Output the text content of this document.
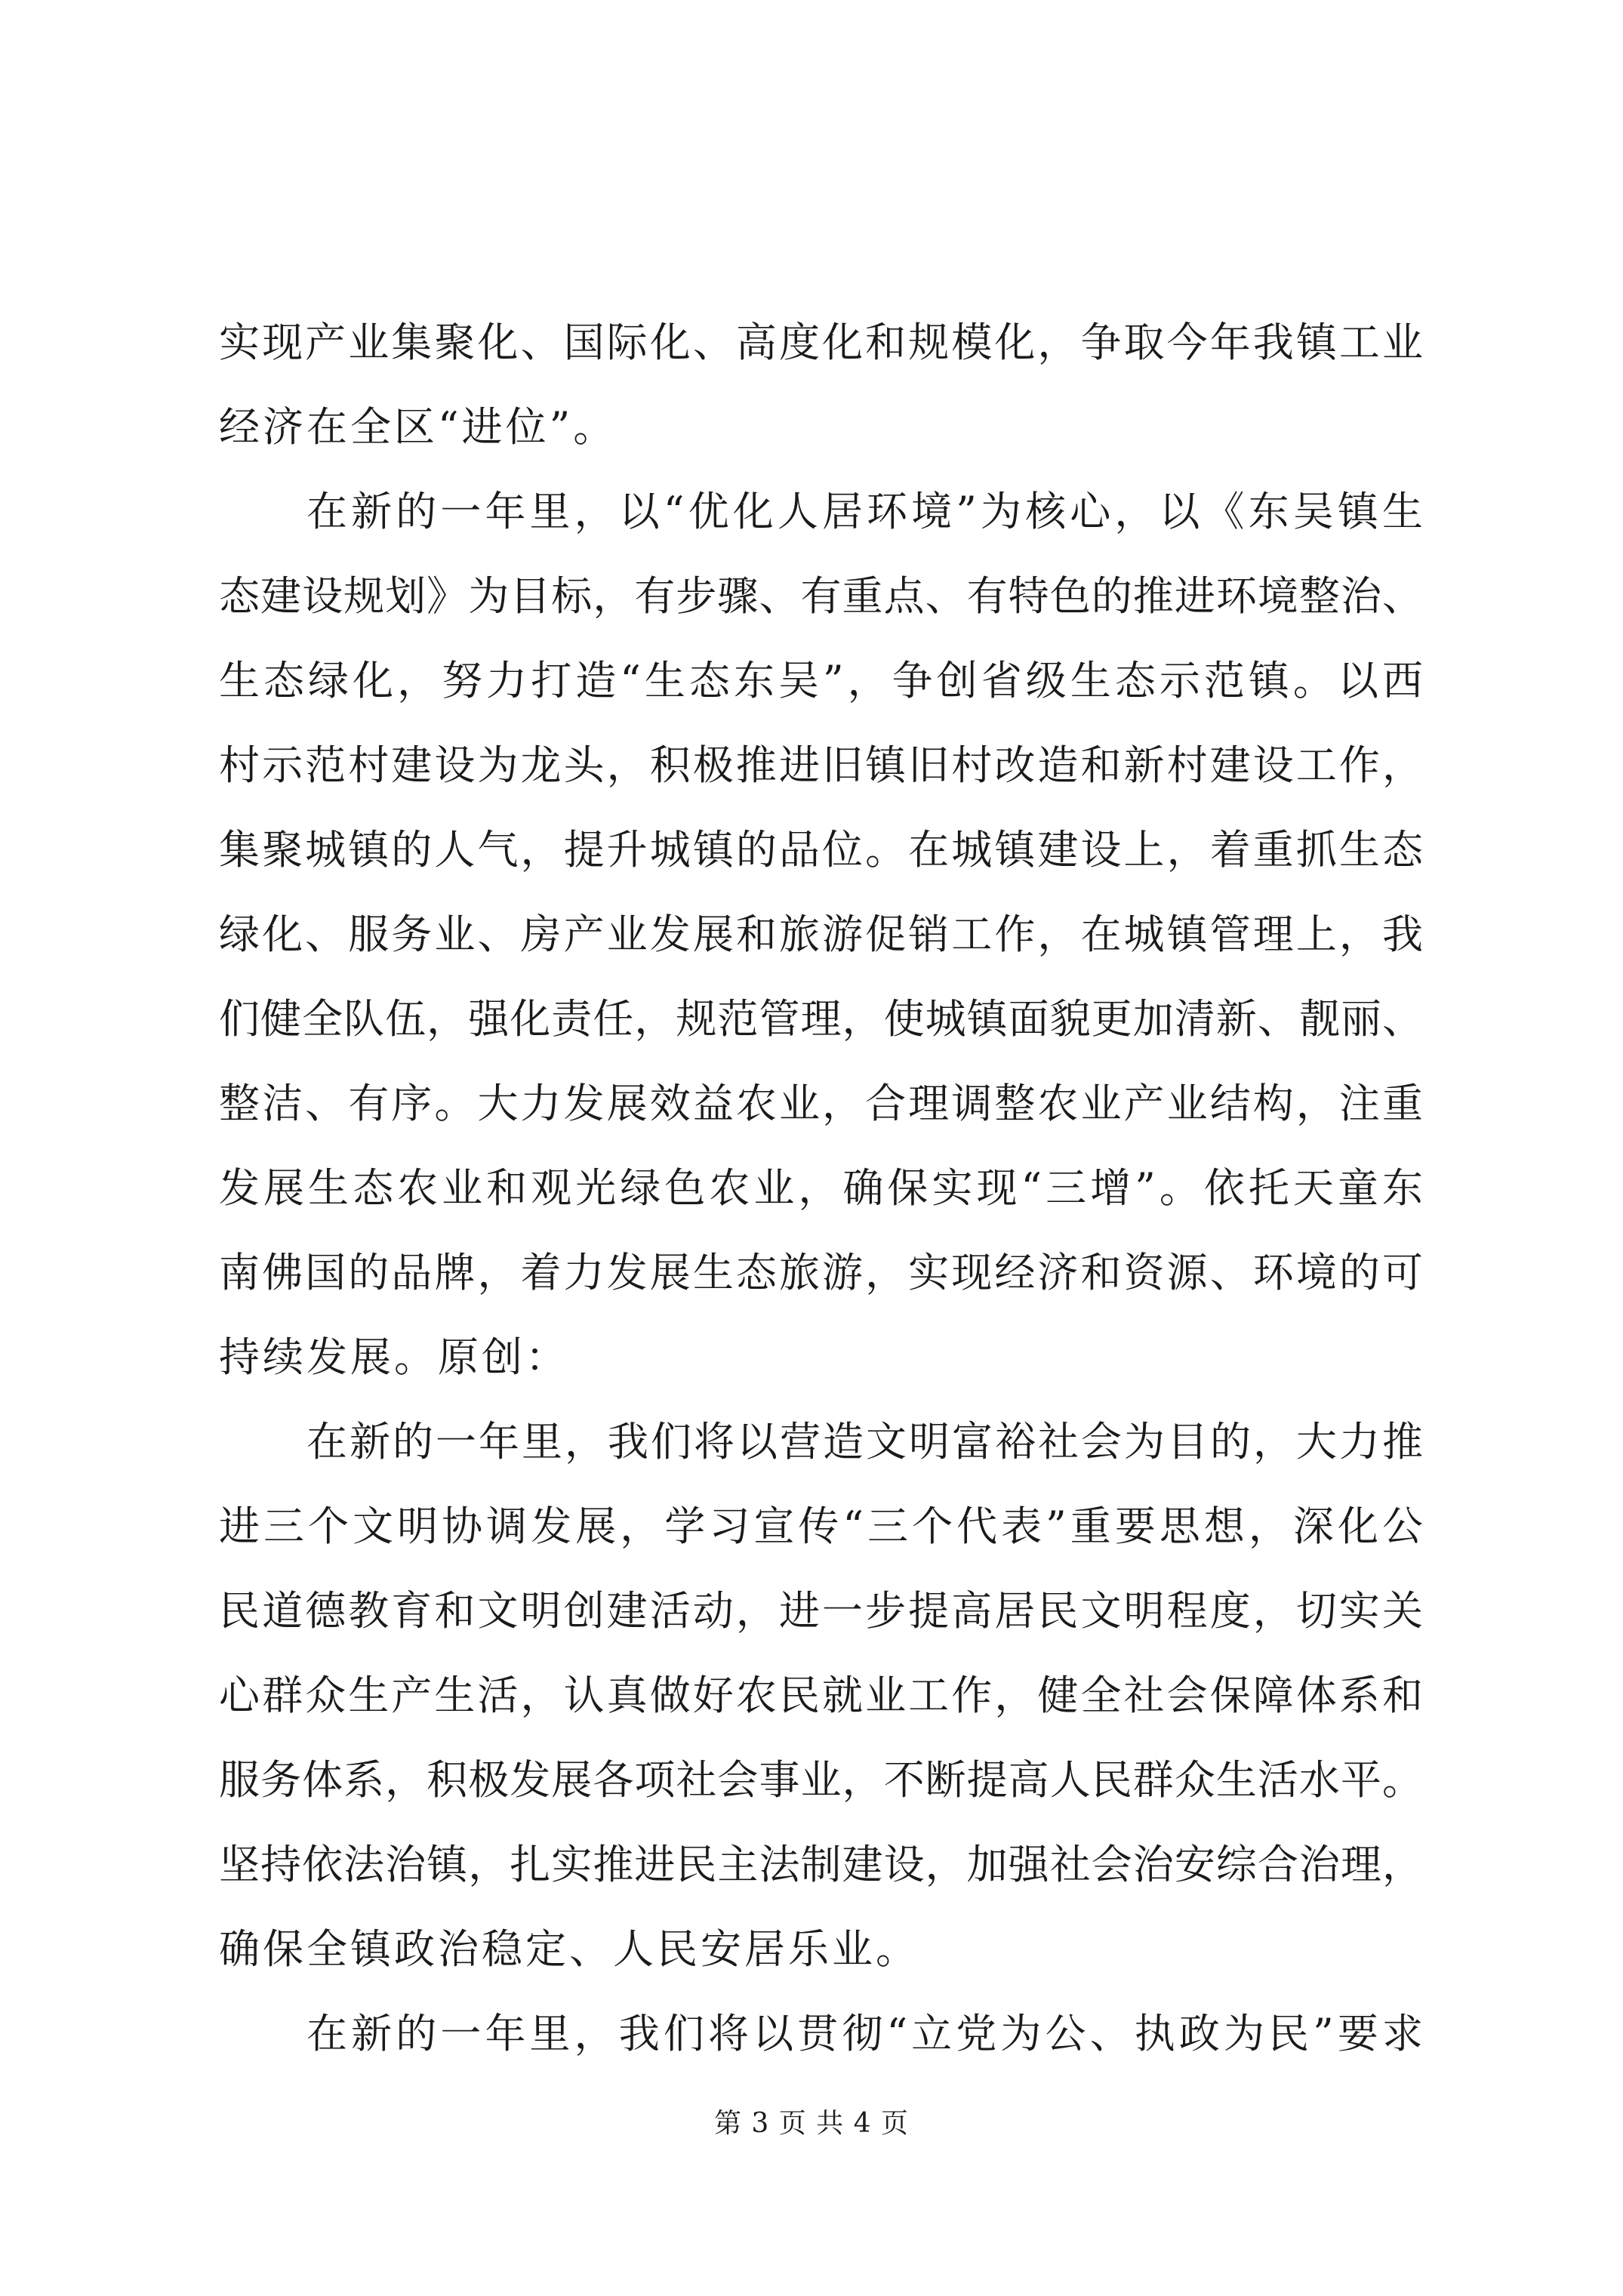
实现产业集聚化、国际化、高度化和规模化，争取今年我镇工业
经济在全区“进位”。
在新的一年里，以“优化人居环境”为核心，以《东吴镇生
态建设规划》为目标，有步骤、有重点、有特色的推进环境整治、
生态绿化，努力打造“生态东吴”，争创省级生态示范镇。以西
村示范村建设为龙头，积极推进旧镇旧村改造和新村建设工作，
集聚城镇的人气，提升城镇的品位。在城镇建设上，着重抓生态
绿化、服务业、房产业发展和旅游促销工作，在城镇管理上，我
们健全队伍，强化责任，规范管理，使城镇面貌更加清新、靓丽、
整洁、有序。大力发展效益农业，合理调整农业产业结构，注重
发展生态农业和观光绿色农业，确保实现“三增”。依托天童东
南佛国的品牌，着力发展生态旅游，实现经济和资源、环境的可
持续发展。原创：
在新的一年里，我们将以营造文明富裕社会为目的，大力推
进三个文明协调发展，学习宣传“三个代表”重要思想，深化公
民道德教育和文明创建活动，进一步提高居民文明程度，切实关
心群众生产生活，认真做好农民就业工作，健全社会保障体系和
服务体系，积极发展各项社会事业，不断提高人民群众生活水平。
坚持依法治镇，扎实推进民主法制建设，加强社会治安综合治理，
确保全镇政治稳定、人民安居乐业。
在新的一年里，我们将以贯彻“立党为公、执政为民”要求
第 3 页 共 4 页
